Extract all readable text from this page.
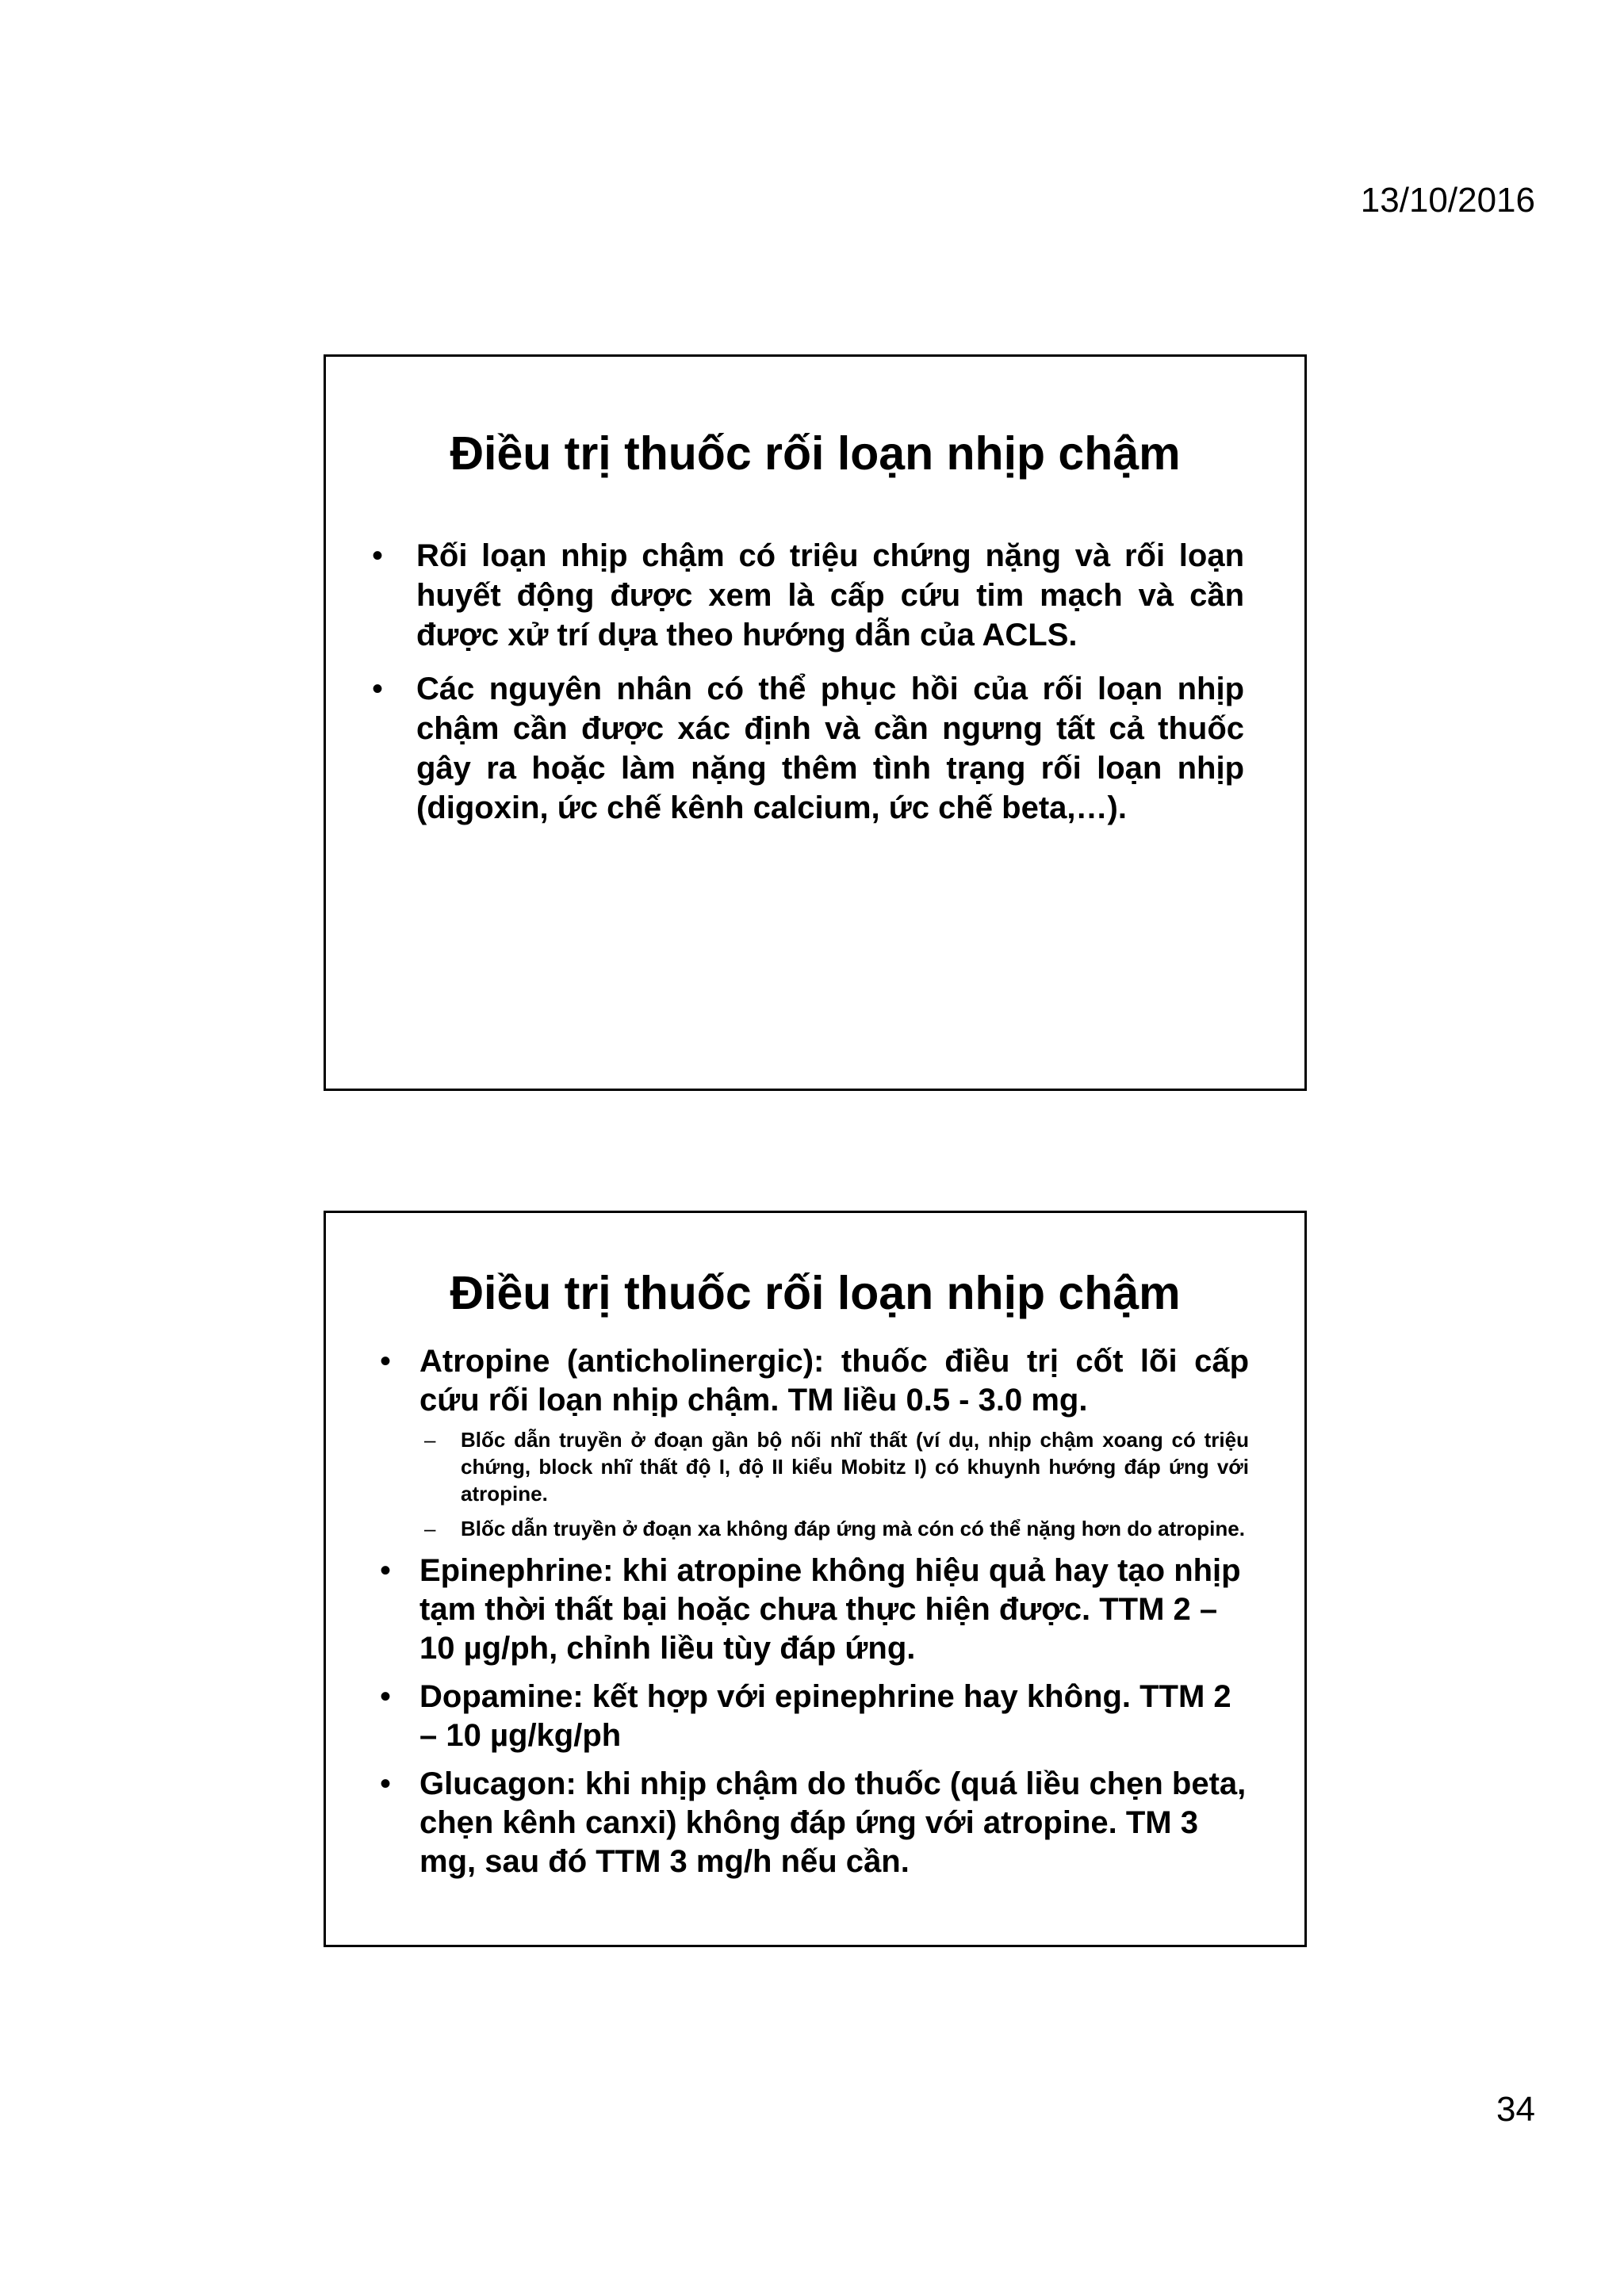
13/10/2016
Điều trị thuốc rối loạn nhịp chậm
• Rối loạn nhịp chậm có triệu chứng nặng và rối loạn huyết động được xem là cấp cứu tim mạch và cần được xử trí dựa theo hướng dẫn của ACLS.
• Các nguyên nhân có thể phục hồi của rối loạn nhịp chậm cần được xác định và cần ngưng tất cả thuốc gây ra hoặc làm nặng thêm tình trạng rối loạn nhịp (digoxin, ức chế kênh calcium, ức chế beta,…).
Điều trị thuốc rối loạn nhịp chậm
• Atropine (anticholinergic): thuốc điều trị cốt lõi cấp cứu rối loạn nhịp chậm. TM liều 0.5 - 3.0 mg.
– Blốc dẫn truyền ở đoạn gần bộ nối nhĩ thất (ví dụ, nhịp chậm xoang có triệu chứng, block nhĩ thất độ I, độ II kiểu Mobitz I) có khuynh hướng đáp ứng với atropine.
– Blốc dẫn truyền ở đoạn xa không đáp ứng mà cón có thể nặng hơn do atropine.
• Epinephrine: khi atropine không hiệu quả hay tạo nhịp tạm thời thất bại hoặc chưa thực hiện được. TTM 2 – 10 µg/ph, chỉnh liều tùy đáp ứng.
• Dopamine: kết hợp với epinephrine hay không. TTM 2 – 10 µg/kg/ph
• Glucagon: khi nhịp chậm do thuốc (quá liều chẹn beta, chẹn kênh canxi) không đáp ứng với atropine. TM 3 mg, sau đó TTM 3 mg/h nếu cần.
34
